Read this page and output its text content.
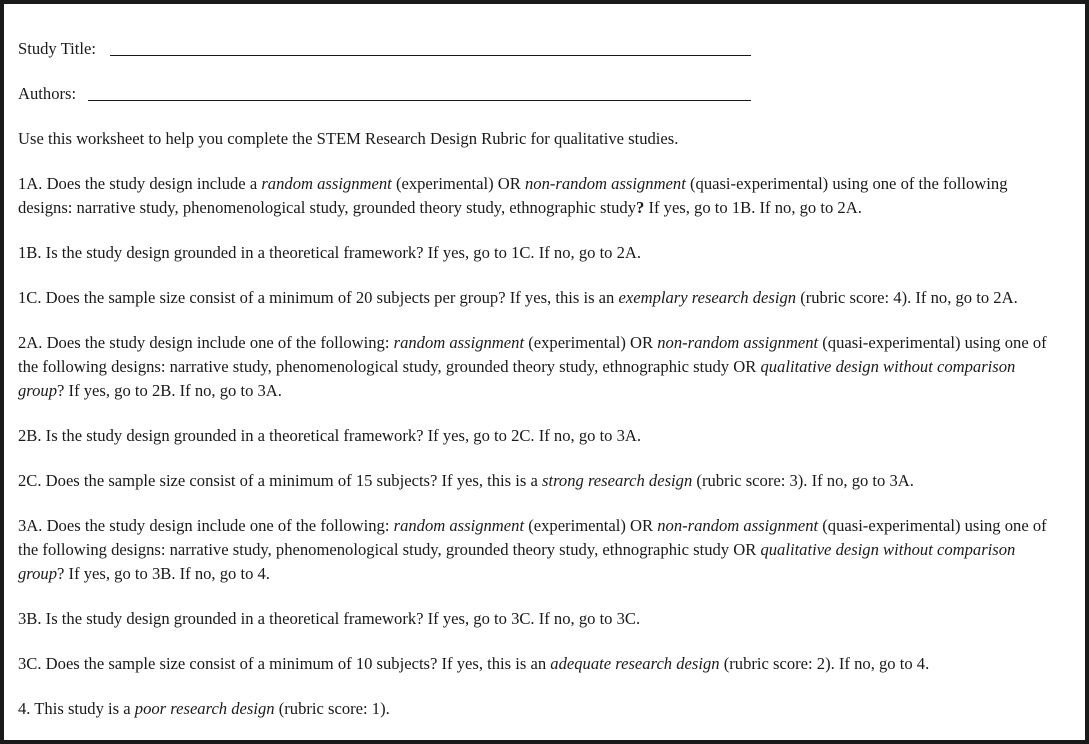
Study Title:
Authors:

Use this worksheet to help you complete the STEM Research Design Rubric for qualitative studies.

1A. Does the study design include a random assignment (experimental) OR non-random assignment (quasi-experimental) using one of the following designs: narrative study, phenomenological study, grounded theory study, ethnographic study? If yes, go to 1B. If no, go to 2A.

1B. Is the study design grounded in a theoretical framework? If yes, go to 1C. If no, go to 2A.

1C. Does the sample size consist of a minimum of 20 subjects per group? If yes, this is an exemplary research design (rubric score: 4). If no, go to 2A.

2A. Does the study design include one of the following: random assignment (experimental) OR non-random assignment (quasi-experimental) using one of the following designs: narrative study, phenomenological study, grounded theory study, ethnographic study OR qualitative design without comparison group? If yes, go to 2B. If no, go to 3A.

2B. Is the study design grounded in a theoretical framework? If yes, go to 2C. If no, go to 3A.

2C. Does the sample size consist of a minimum of 15 subjects? If yes, this is a strong research design (rubric score: 3). If no, go to 3A.

3A. Does the study design include one of the following: random assignment (experimental) OR non-random assignment (quasi-experimental) using one of the following designs: narrative study, phenomenological study, grounded theory study, ethnographic study OR qualitative design without comparison group? If yes, go to 3B. If no, go to 4.

3B. Is the study design grounded in a theoretical framework? If yes, go to 3C. If no, go to 3C.

3C. Does the sample size consist of a minimum of 10 subjects? If yes, this is an adequate research design (rubric score: 2). If no, go to 4.

4. This study is a poor research design (rubric score: 1).
